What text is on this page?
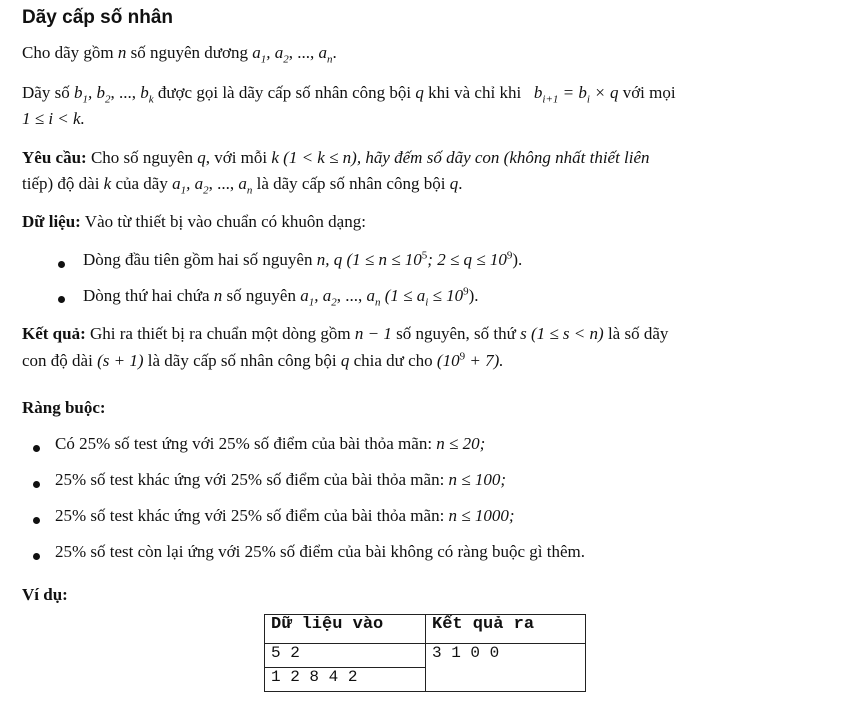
Dãy cấp số nhân
Cho dãy gồm n số nguyên dương $a_1$, $a_2$, ..., $a_n$.
Dãy số $b_1$, $b_2$, ..., $b_k$ được gọi là dãy cấp số nhân công bội q khi và chỉ khi $b_{i+1} = b_i \times q$ với mọi
1 ≤ i < k.
Yêu cầu: Cho số nguyên q, với mỗi k (1 < k ≤ n), hãy đếm số dãy con (không nhất thiết liên
tiếp) độ dài k của dãy $a_1$, $a_2$, ..., $a_n$ là dãy cấp số nhân công bội q.
Dữ liệu: Vào từ thiết bị vào chuẩn có khuôn dạng:
Dòng đầu tiên gồm hai số nguyên n, q ($1 \le n \le 10^5$; $2 \le q \le 10^9$).
Dòng thứ hai chứa n số nguyên $a_1$, $a_2$, ..., $a_n$ $(1 \le a_i \le 10^9)$.
Kết quả: Ghi ra thiết bị ra chuẩn một dòng gồm n − 1 số nguyên, số thứ s (1 ≤ s < n) là số dãy
con độ dài (s + 1) là dãy cấp số nhân công bội q chia dư cho $(10^9 + 7)$.
Ràng buộc:
Có 25% số test ứng với 25% số điểm của bài thỏa mãn: n ≤ 20;
25% số test khác ứng với 25% số điểm của bài thỏa mãn: n ≤ 100;
25% số test khác ứng với 25% số điểm của bài thỏa mãn: n ≤ 1000;
25% số test còn lại ứng với 25% số điểm của bài không có ràng buộc gì thêm.
Ví dụ:
Dữ liệu vào	Kết quả ra
5 2	3 1 0 0
1 2 8 4 2	
